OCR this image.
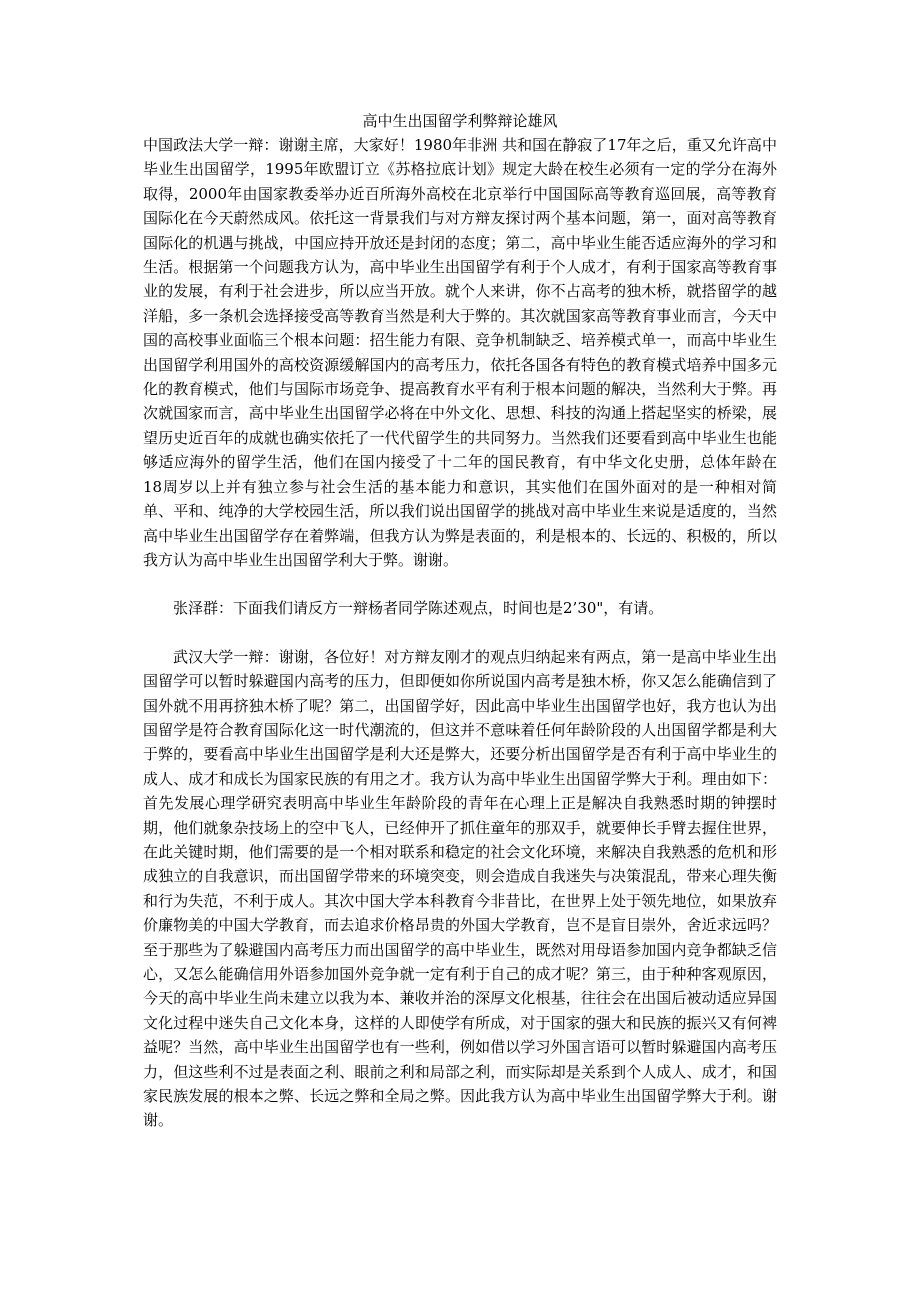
高中生出国留学利弊辩论雄风

中国政法大学一辩：谢谢主席，大家好！1980年非洲 共和国在静寂了17年之后，重又允许高中毕业生出国留学，1995年欧盟订立《苏格拉底计划》规定大龄在校生必须有一定的学分在海外取得，2000年由国家教委举办近百所海外高校在北京举行中国国际高等教育巡回展，高等教育国际化在今天蔚然成风。依托这一背景我们与对方辩友探讨两个基本问题，第一，面对高等教育国际化的机遇与挑战，中国应持开放还是封闭的态度；第二，高中毕业生能否适应海外的学习和生活。根据第一个问题我方认为，高中毕业生出国留学有利于个人成才，有利于国家高等教育事业的发展，有利于社会进步，所以应当开放。就个人来讲，你不占高考的独木桥，就搭留学的越洋船，多一条机会选择接受高等教育当然是利大于弊的。其次就国家高等教育事业而言，今天中国的高校事业面临三个根本问题：招生能力有限、竞争机制缺乏、培养模式单一，而高中毕业生出国留学利用国外的高校资源缓解国内的高考压力，依托各国各有特色的教育模式培养中国多元化的教育模式，他们与国际市场竞争、提高教育水平有利于根本问题的解决，当然利大于弊。再次就国家而言，高中毕业生出国留学必将在中外文化、思想、科技的沟通上搭起坚实的桥梁，展望历史近百年的成就也确实依托了一代代留学生的共同努力。当然我们还要看到高中毕业生也能够适应海外的留学生活，他们在国内接受了十二年的国民教育，有中华文化史册，总体年龄在18周岁以上并有独立参与社会生活的基本能力和意识，其实他们在国外面对的是一种相对简单、平和、纯净的大学校园生活，所以我们说出国留学的挑战对高中毕业生来说是适度的，当然高中毕业生出国留学存在着弊端，但我方认为弊是表面的，利是根本的、长远的、积极的，所以我方认为高中毕业生出国留学利大于弊。谢谢。

张泽群：下面我们请反方一辩杨者同学陈述观点，时间也是2’30"，有请。

武汉大学一辩：谢谢，各位好！对方辩友刚才的观点归纳起来有两点，第一是高中毕业生出国留学可以暂时躲避国内高考的压力，但即便如你所说国内高考是独木桥，你又怎么能确信到了国外就不用再挤独木桥了呢？第二，出国留学好，因此高中毕业生出国留学也好，我方也认为出国留学是符合教育国际化这一时代潮流的，但这并不意味着任何年龄阶段的人出国留学都是利大于弊的，要看高中毕业生出国留学是利大还是弊大，还要分析出国留学是否有利于高中毕业生的成人、成才和成长为国家民族的有用之才。我方认为高中毕业生出国留学弊大于利。理由如下：首先发展心理学研究表明高中毕业生年龄阶段的青年在心理上正是解决自我熟悉时期的钟摆时期，他们就象杂技场上的空中飞人，已经伸开了抓住童年的那双手，就要伸长手臂去握住世界，在此关键时期，他们需要的是一个相对联系和稳定的社会文化环境，来解决自我熟悉的危机和形成独立的自我意识，而出国留学带来的环境突变，则会造成自我迷失与决策混乱，带来心理失衡和行为失范，不利于成人。其次中国大学本科教育今非昔比，在世界上处于领先地位，如果放弃价廉物美的中国大学教育，而去追求价格昂贵的外国大学教育，岂不是盲目崇外，舍近求远吗？至于那些为了躲避国内高考压力而出国留学的高中毕业生，既然对用母语参加国内竞争都缺乏信心，又怎么能确信用外语参加国外竞争就一定有利于自己的成才呢？第三，由于种种客观原因，今天的高中毕业生尚未建立以我为本、兼收并治的深厚文化根基，往往会在出国后被动适应异国文化过程中迷失自己文化本身，这样的人即使学有所成，对于国家的强大和民族的振兴又有何裨益呢？当然，高中毕业生出国留学也有一些利，例如借以学习外国言语可以暂时躲避国内高考压力，但这些利不过是表面之利、眼前之利和局部之利，而实际却是关系到个人成人、成才，和国家民族发展的根本之弊、长远之弊和全局之弊。因此我方认为高中毕业生出国留学弊大于利。谢谢。
